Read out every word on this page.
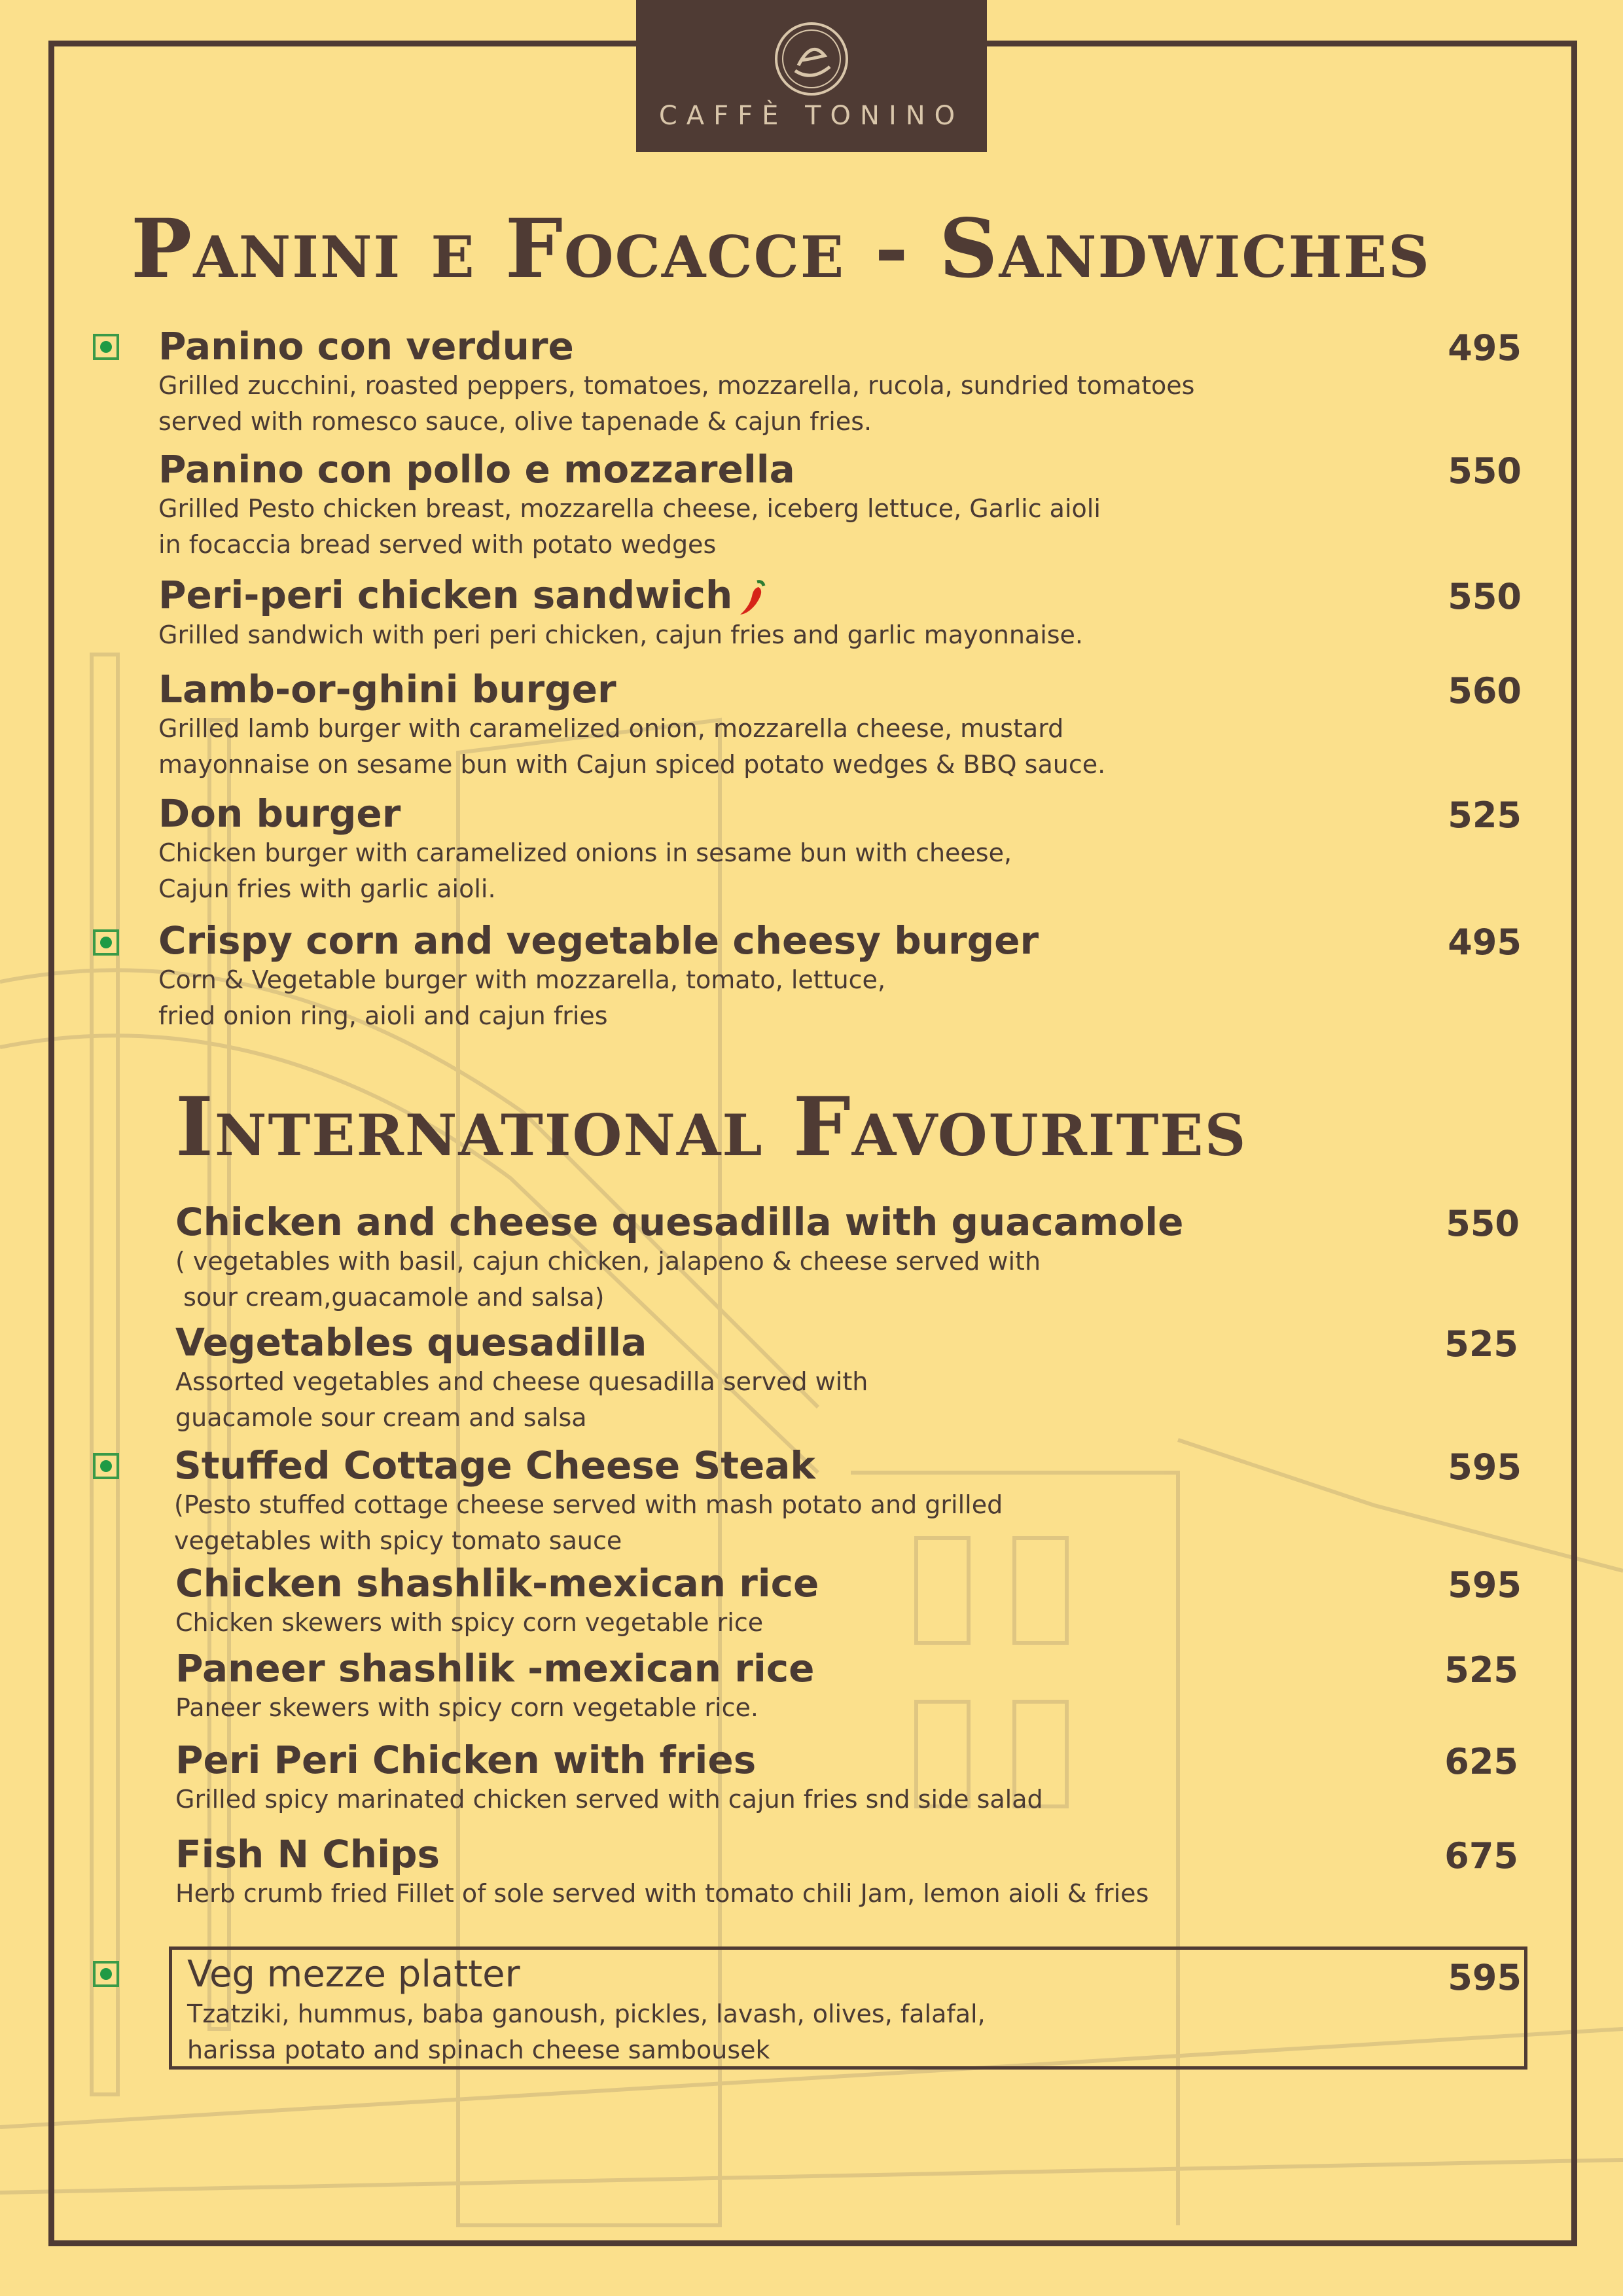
CAFFÈ TONINO
Panini e Focacce - Sandwiches
Panino con verdure
Grilled zucchini, roasted peppers, tomatoes, mozzarella, rucola, sundried tomatoes
served with romesco sauce, olive tapenade & cajun fries.
495
Panino con pollo e mozzarella
Grilled Pesto chicken breast, mozzarella cheese, iceberg lettuce, Garlic aioli
in focaccia bread served with potato wedges
550
Peri-peri chicken sandwich
Grilled sandwich with peri peri chicken, cajun fries and garlic mayonnaise.
550
Lamb-or-ghini burger
Grilled lamb burger with caramelized onion, mozzarella cheese, mustard
mayonnaise on sesame bun with Cajun spiced potato wedges & BBQ sauce.
560
Don burger
Chicken burger with caramelized onions in sesame bun with cheese,
Cajun fries with garlic aioli.
525
Crispy corn and vegetable cheesy burger
Corn & Vegetable burger with mozzarella, tomato, lettuce,
fried onion ring, aioli and cajun fries
495
International Favourites
Chicken and cheese quesadilla with guacamole
( vegetables with basil, cajun chicken, jalapeno & cheese served with
sour cream,guacamole and salsa)
550
Vegetables quesadilla
Assorted vegetables and cheese quesadilla served with
guacamole sour cream and salsa
525
Stuffed Cottage Cheese Steak
(Pesto stuffed cottage cheese served with mash potato and grilled
vegetables with spicy tomato sauce
595
Chicken shashlik-mexican rice
Chicken skewers with spicy corn vegetable rice
595
Paneer shashlik -mexican rice
Paneer skewers with spicy corn vegetable rice.
525
Peri Peri Chicken with fries
Grilled spicy marinated chicken served with cajun fries snd side salad
625
Fish N Chips
Herb crumb fried Fillet of sole served with tomato chili Jam, lemon aioli & fries
675
Veg mezze platter
Tzatziki, hummus, baba ganoush, pickles, lavash, olives, falafal,
harissa potato and spinach cheese sambousek
595
